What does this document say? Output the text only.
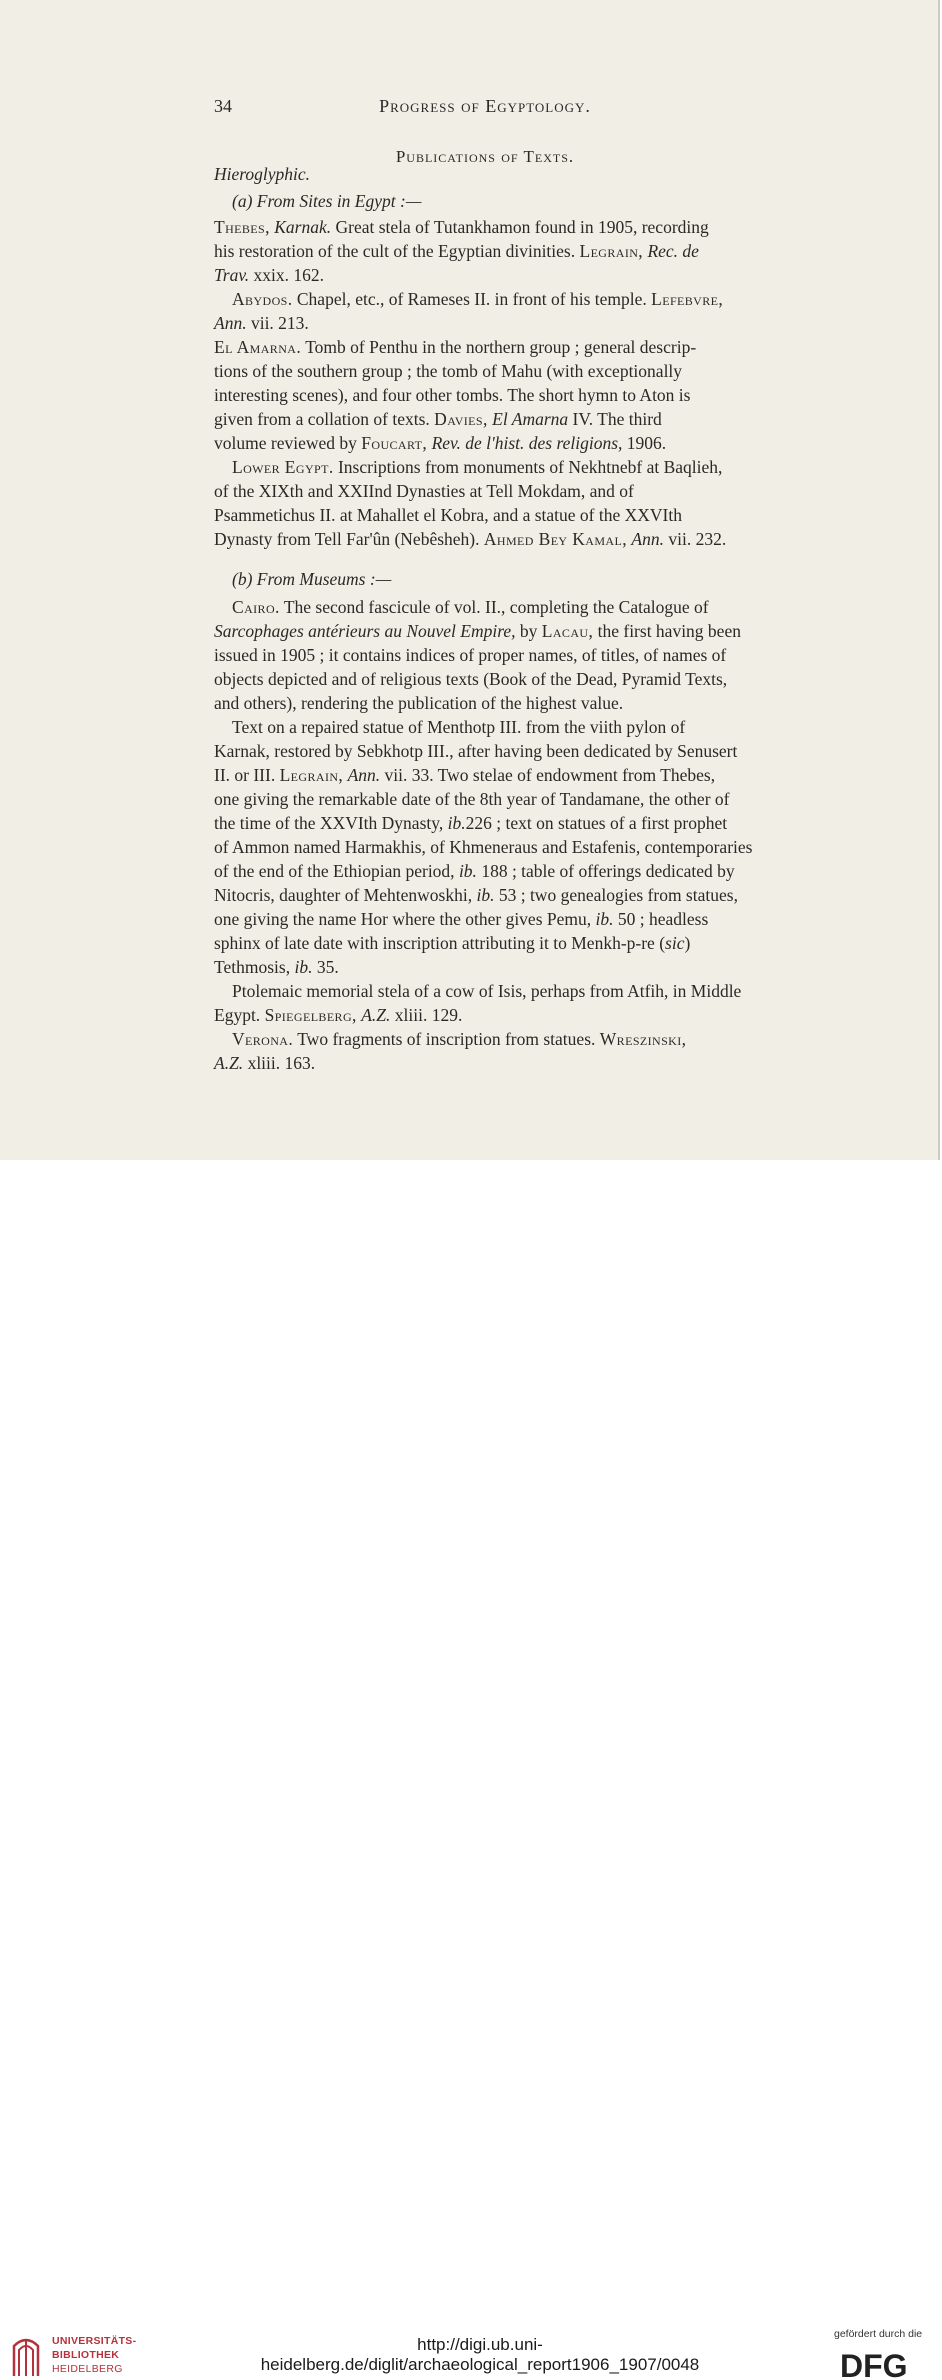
34	Progress of Egyptology.
Publications of Texts.
Hieroglyphic.
(a) From Sites in Egypt :—
Thebes, Karnak. Great stela of Tutankhamon found in 1905, recording
his restoration of the cult of the Egyptian divinities. Legrain, Rec. de
Trav. xxix. 162.
Abydos. Chapel, etc., of Rameses II. in front of his temple. Lefebvre,
Ann. vii. 213.
El Amarna. Tomb of Penthu in the northern group ; general descrip-
tions of the southern group ; the tomb of Mahu (with exceptionally
interesting scenes), and four other tombs. The short hymn to Aton is
given from a collation of texts. Davies, El Amarna IV. The third
volume reviewed by Foucart, Rev. de l'hist. des religions, 1906.
Lower Egypt. Inscriptions from monuments of Nekhtnebf at Baqlieh,
of the XIXth and XXIInd Dynasties at Tell Mokdam, and of
Psammetichus II. at Mahallet el Kobra, and a statue of the XXVIth
Dynasty from Tell Far'ûn (Nebêsheh). Ahmed Bey Kamal, Ann. vii. 232.
(b) From Museums :—
Cairo. The second fascicule of vol. II., completing the Catalogue of
Sarcophages antérieurs au Nouvel Empire, by Lacau, the first having been
issued in 1905 ; it contains indices of proper names, of titles, of names of
objects depicted and of religious texts (Book of the Dead, Pyramid Texts,
and others), rendering the publication of the highest value.
Text on a repaired statue of Menthotp III. from the viith pylon of
Karnak, restored by Sebkhotp III., after having been dedicated by Senusert
II. or III. Legrain, Ann. vii. 33. Two stelae of endowment from Thebes,
one giving the remarkable date of the 8th year of Tandamane, the other of
the time of the XXVIth Dynasty, ib.226 ; text on statues of a first prophet
of Ammon named Harmakhis, of Khmeneraus and Estafenis, contemporaries
of the end of the Ethiopian period, ib. 188 ; table of offerings dedicated by
Nitocris, daughter of Mehtenwoskhi, ib. 53 ; two genealogies from statues,
one giving the name Hor where the other gives Pemu, ib. 50 ; headless
sphinx of late date with inscription attributing it to Menkh-p-re (sic)
Tethmosis, ib. 35.
Ptolemaic memorial stela of a cow of Isis, perhaps from Atfih, in Middle
Egypt. Spiegelberg, A.Z. xliii. 129.
Verona. Two fragments of inscription from statues. Wreszinski,
A.Z. xliii. 163.
UNIVERSITÄTS-
BIBLIOTHEK
HEIDELBERG
http://digi.ub.uni-heidelberg.de/diglit/archaeological_report1906_1907/0048
gefördert durch die
DFG
